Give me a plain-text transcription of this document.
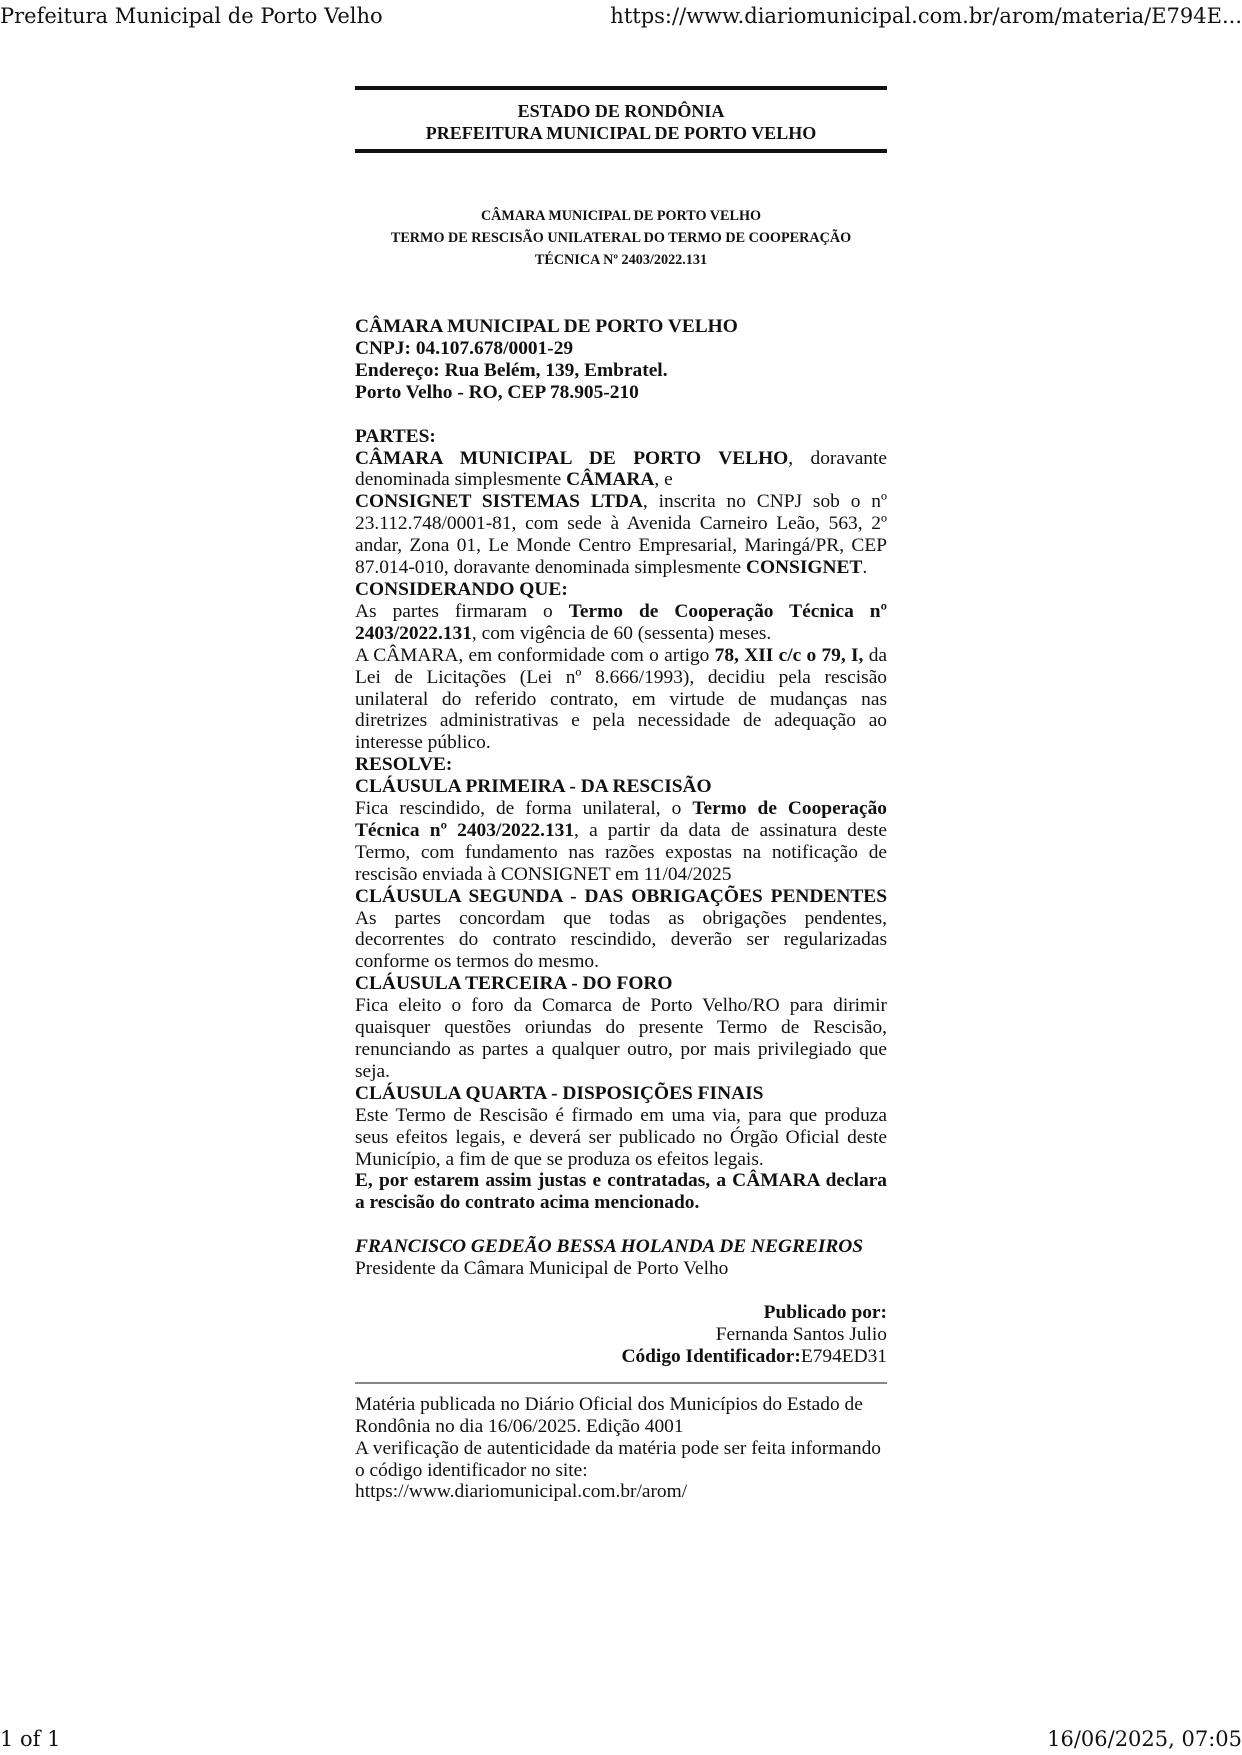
Prefeitura Municipal de Porto Velho	https://www.diariomunicipal.com.br/arom/materia/E794E...
ESTADO DE RONDÔNIA
PREFEITURA MUNICIPAL DE PORTO VELHO
CÂMARA MUNICIPAL DE PORTO VELHO
TERMO DE RESCISÃO UNILATERAL DO TERMO DE COOPERAÇÃO
TÉCNICA Nº 2403/2022.131
CÂMARA MUNICIPAL DE PORTO VELHO
CNPJ: 04.107.678/0001-29
Endereço: Rua Belém, 139, Embratel.
Porto Velho - RO, CEP 78.905-210
PARTES:
CÂMARA MUNICIPAL DE PORTO VELHO, doravante denominada simplesmente CÂMARA, e
CONSIGNET SISTEMAS LTDA, inscrita no CNPJ sob o nº 23.112.748/0001-81, com sede à Avenida Carneiro Leão, 563, 2º andar, Zona 01, Le Monde Centro Empresarial, Maringá/PR, CEP 87.014-010, doravante denominada simplesmente CONSIGNET.
CONSIDERANDO QUE:
As partes firmaram o Termo de Cooperação Técnica nº 2403/2022.131, com vigência de 60 (sessenta) meses.
A CÂMARA, em conformidade com o artigo 78, XII c/c o 79, I, da Lei de Licitações (Lei nº 8.666/1993), decidiu pela rescisão unilateral do referido contrato, em virtude de mudanças nas diretrizes administrativas e pela necessidade de adequação ao interesse público.
RESOLVE:
CLÁUSULA PRIMEIRA - DA RESCISÃO
Fica rescindido, de forma unilateral, o Termo de Cooperação Técnica nº 2403/2022.131, a partir da data de assinatura deste Termo, com fundamento nas razões expostas na notificação de rescisão enviada à CONSIGNET em 11/04/2025
CLÁUSULA SEGUNDA - DAS OBRIGAÇÕES PENDENTES
As partes concordam que todas as obrigações pendentes, decorrentes do contrato rescindido, deverão ser regularizadas conforme os termos do mesmo.
CLÁUSULA TERCEIRA - DO FORO
Fica eleito o foro da Comarca de Porto Velho/RO para dirimir quaisquer questões oriundas do presente Termo de Rescisão, renunciando as partes a qualquer outro, por mais privilegiado que seja.
CLÁUSULA QUARTA - DISPOSIÇÕES FINAIS
Este Termo de Rescisão é firmado em uma via, para que produza seus efeitos legais, e deverá ser publicado no Órgão Oficial deste Município, a fim de que se produza os efeitos legais.
E, por estarem assim justas e contratadas, a CÂMARA declara a rescisão do contrato acima mencionado.
FRANCISCO GEDEÃO BESSA HOLANDA DE NEGREIROS
Presidente da Câmara Municipal de Porto Velho
Publicado por:
Fernanda Santos Julio
Código Identificador:E794ED31
Matéria publicada no Diário Oficial dos Municípios do Estado de Rondônia no dia 16/06/2025. Edição 4001
A verificação de autenticidade da matéria pode ser feita informando o código identificador no site:
https://www.diariomunicipal.com.br/arom/
1 of 1	16/06/2025, 07:05
